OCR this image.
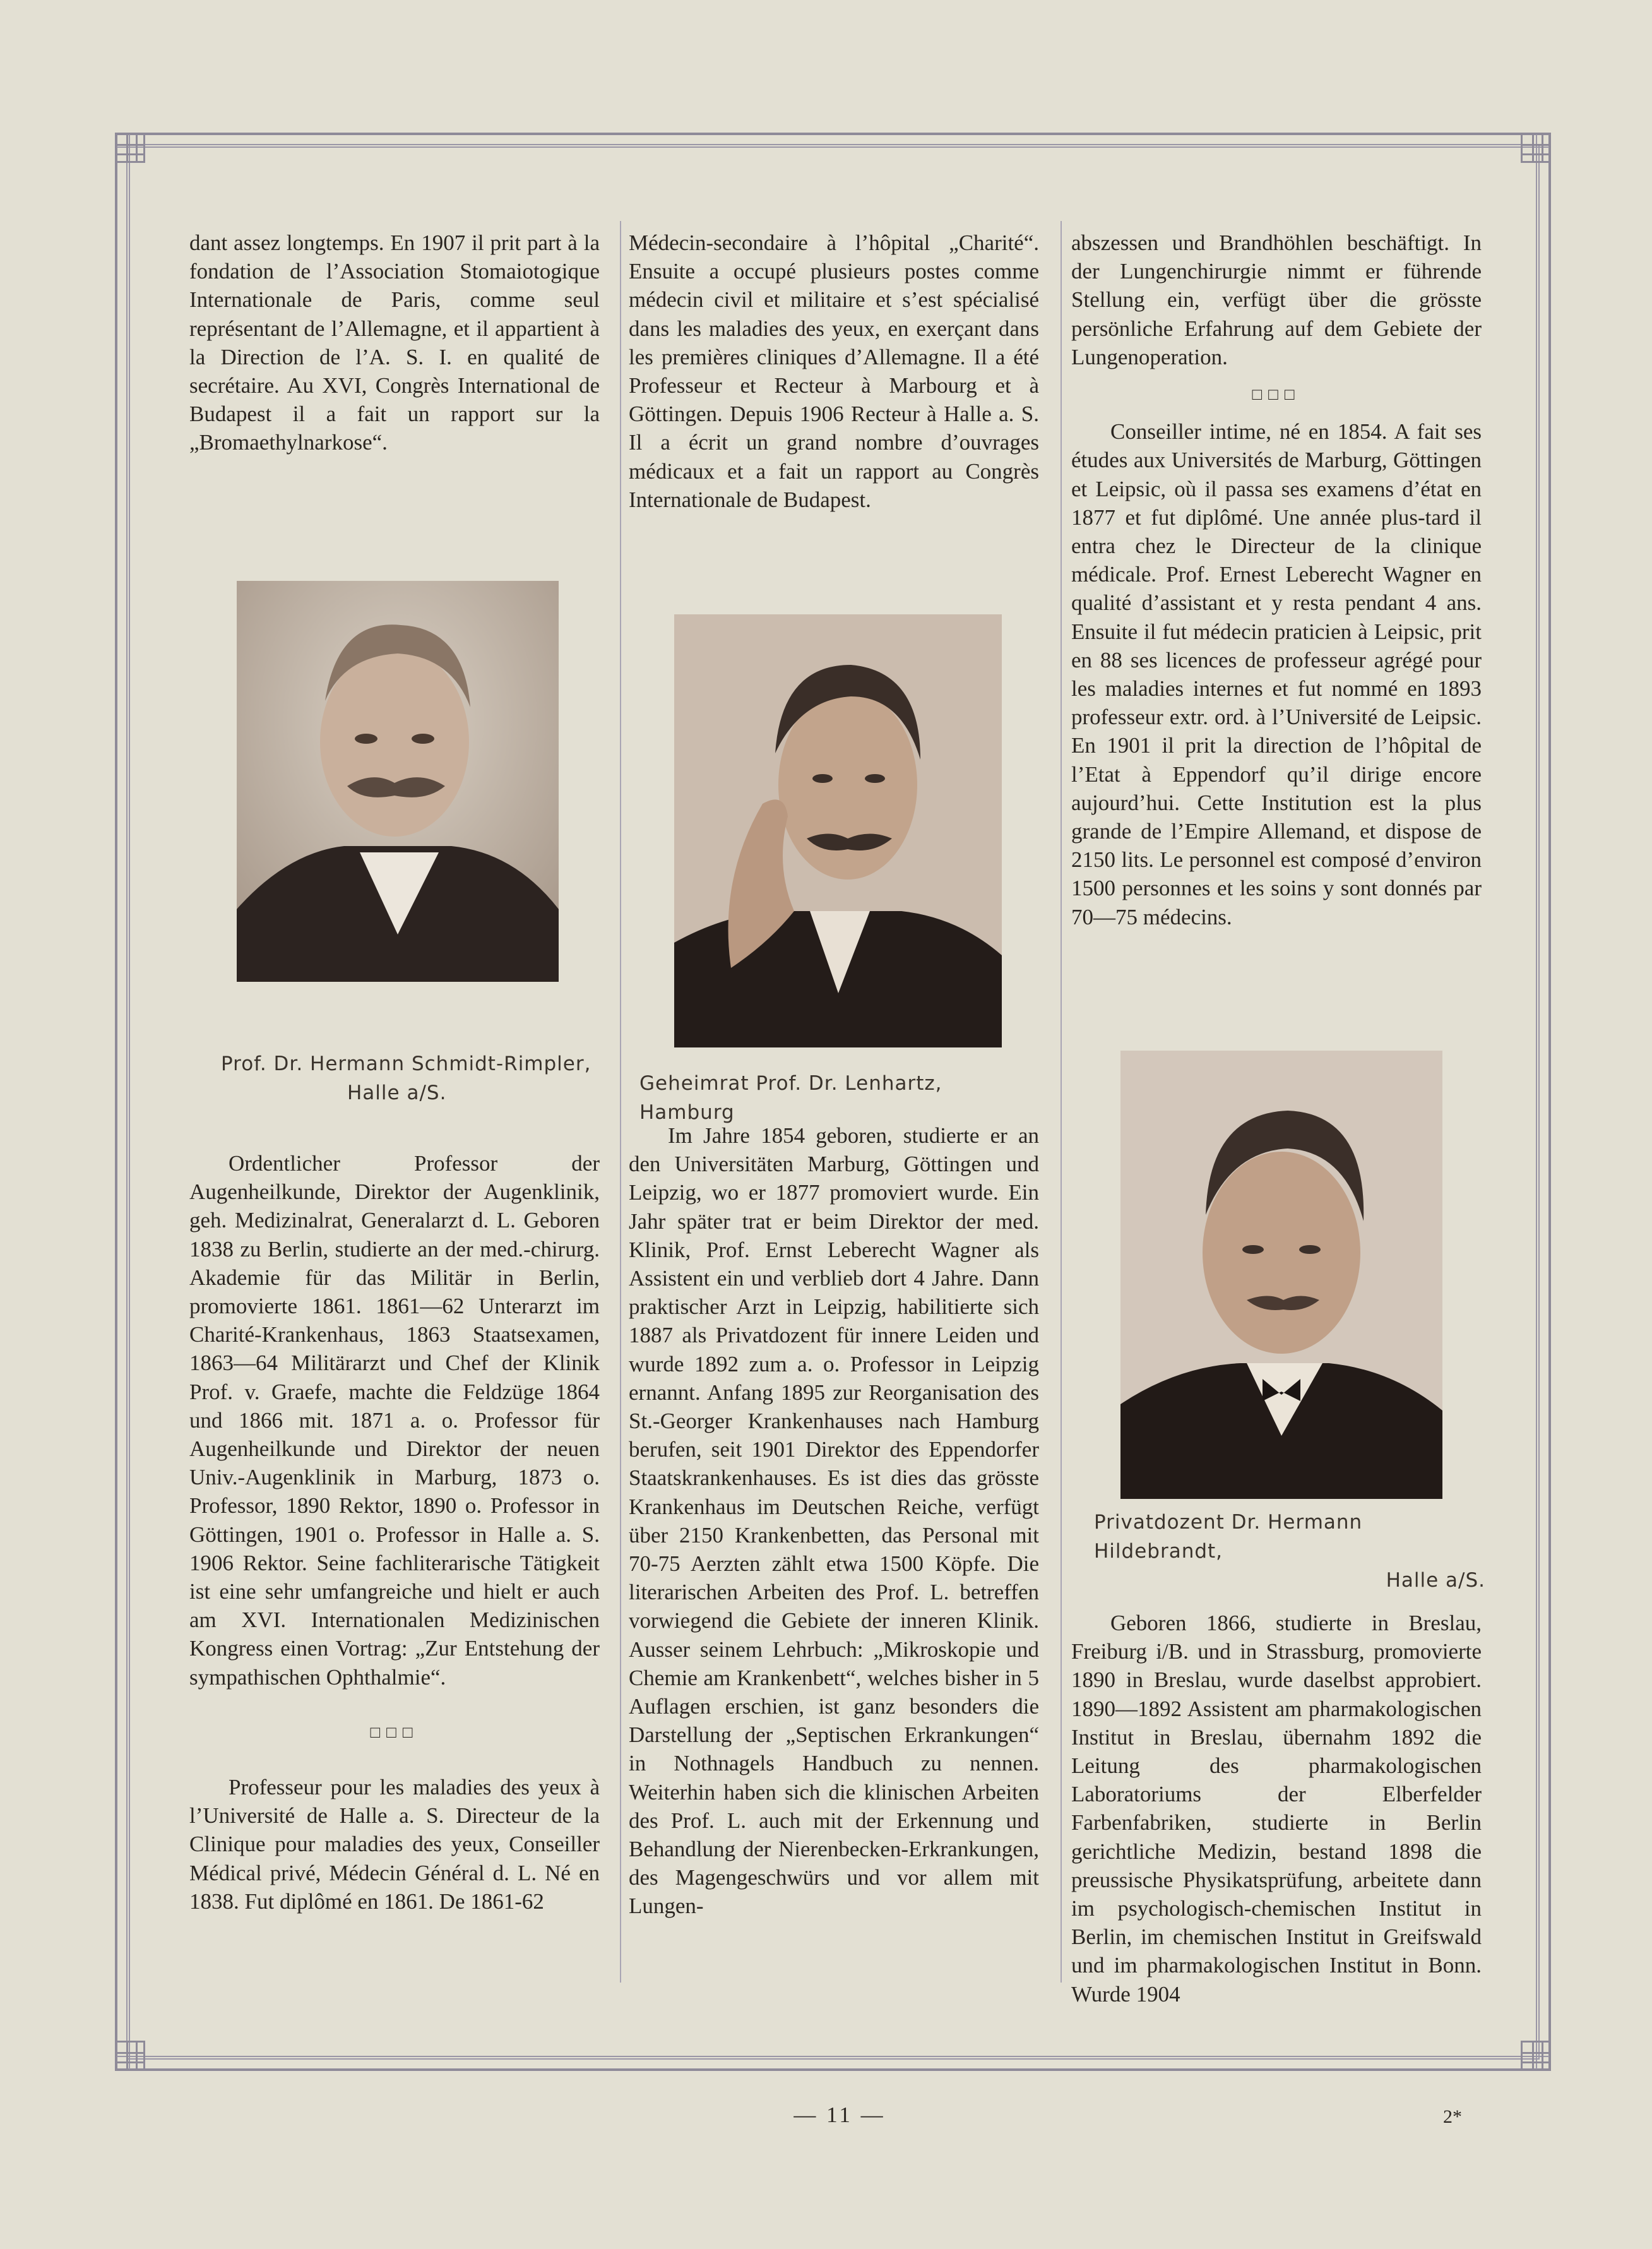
dant assez longtemps. En 1907 il prit part à la fondation de l’Association Stomaiotogique Internationale de Paris, comme seul représentant de l’Allemagne, et il appartient à la Direction de l’A. S. I. en qualité de secrétaire. Au XVI, Congrès International de Budapest il a fait un rapport sur la „Bromaethylnarkose“.

Prof. Dr. Hermann Schmidt-Rimpler,
Halle a/S.

Ordentlicher Professor der Augenheilkunde, Direktor der Augenklinik, geh. Medizinalrat, Generalarzt d. L. Geboren 1838 zu Berlin, studierte an der med.-chirurg. Akademie für das Militär in Berlin, promovierte 1861. 1861—62 Unterarzt im Charité-Krankenhaus, 1863 Staatsexamen, 1863—64 Militärarzt und Chef der Klinik Prof. v. Graefe, machte die Feldzüge 1864 und 1866 mit. 1871 a. o. Professor für Augenheilkunde und Direktor der neuen Univ.-Augenklinik in Marburg, 1873 o. Professor, 1890 Rektor, 1890 o. Professor in Göttingen, 1901 o. Professor in Halle a. S. 1906 Rektor. Seine fachliterarische Tätigkeit ist eine sehr umfangreiche und hielt er auch am XVI. Internationalen Medizinischen Kongress einen Vortrag: „Zur Entstehung der sympathischen Ophthalmie“.

□□□

Professeur pour les maladies des yeux à l’Université de Halle a. S. Directeur de la Clinique pour maladies des yeux, Conseiller Médical privé, Médecin Général d. L. Né en 1838. Fut diplômé en 1861. De 1861-62

Médecin-secondaire à l’hôpital „Charité“. Ensuite a occupé plusieurs postes comme médecin civil et militaire et s’est spécialisé dans les maladies des yeux, en exerçant dans les premières cliniques d’Allemagne. Il a été Professeur et Recteur à Marbourg et à Göttingen. Depuis 1906 Recteur à Halle a. S. Il a écrit un grand nombre d’ouvrages médicaux et a fait un rapport au Congrès Internationale de Budapest.

Geheimrat Prof. Dr. Lenhartz, Hamburg

Im Jahre 1854 geboren, studierte er an den Universitäten Marburg, Göttingen und Leipzig, wo er 1877 promoviert wurde. Ein Jahr später trat er beim Direktor der med. Klinik, Prof. Ernst Leberecht Wagner als Assistent ein und verblieb dort 4 Jahre. Dann praktischer Arzt in Leipzig, habilitierte sich 1887 als Privatdozent für innere Leiden und wurde 1892 zum a. o. Professor in Leipzig ernannt. Anfang 1895 zur Reorganisation des St.-Georger Krankenhauses nach Hamburg berufen, seit 1901 Direktor des Eppendorfer Staatskrankenhauses. Es ist dies das grösste Krankenhaus im Deutschen Reiche, verfügt über 2150 Krankenbetten, das Personal mit 70-75 Aerzten zählt etwa 1500 Köpfe. Die literarischen Arbeiten des Prof. L. betreffen vorwiegend die Gebiete der inneren Klinik. Ausser seinem Lehrbuch: „Mikroskopie und Chemie am Krankenbett“, welches bisher in 5 Auflagen erschien, ist ganz besonders die Darstellung der „Septischen Erkrankungen“ in Nothnagels Handbuch zu nennen. Weiterhin haben sich die klinischen Arbeiten des Prof. L. auch mit der Erkennung und Behandlung der Nierenbecken-Erkrankungen, des Magengeschwürs und vor allem mit Lungen-

abszessen und Brandhöhlen beschäftigt. In der Lungenchirurgie nimmt er führende Stellung ein, verfügt über die grösste persönliche Erfahrung auf dem Gebiete der Lungenoperation.

□□□

Conseiller intime, né en 1854. A fait ses études aux Universités de Marburg, Göttingen et Leipsic, où il passa ses examens d’état en 1877 et fut diplômé. Une année plus-tard il entra chez le Directeur de la clinique médicale. Prof. Ernest Leberecht Wagner en qualité d’assistant et y resta pendant 4 ans. Ensuite il fut médecin praticien à Leipsic, prit en 88 ses licences de professeur agrégé pour les maladies internes et fut nommé en 1893 professeur extr. ord. à l’Université de Leipsic. En 1901 il prit la direction de l’hôpital de l’Etat à Eppendorf qu’il dirige encore aujourd’hui. Cette Institution est la plus grande de l’Empire Allemand, et dispose de 2150 lits. Le personnel est composé d’environ 1500 personnes et les soins y sont donnés par 70—75 médecins.

Privatdozent Dr. Hermann Hildebrandt,
Halle a/S.

Geboren 1866, studierte in Breslau, Freiburg i/B. und in Strassburg, promovierte 1890 in Breslau, wurde daselbst approbiert. 1890—1892 Assistent am pharmakologischen Institut in Breslau, übernahm 1892 die Leitung des pharmakologischen Laboratoriums der Elberfelder Farbenfabriken, studierte in Berlin gerichtliche Medizin, bestand 1898 die preussische Physikatsprüfung, arbeitete dann im psychologisch-chemischen Institut in Berlin, im chemischen Institut in Greifswald und im pharmakologischen Institut in Bonn. Wurde 1904

— 11 —	2*
